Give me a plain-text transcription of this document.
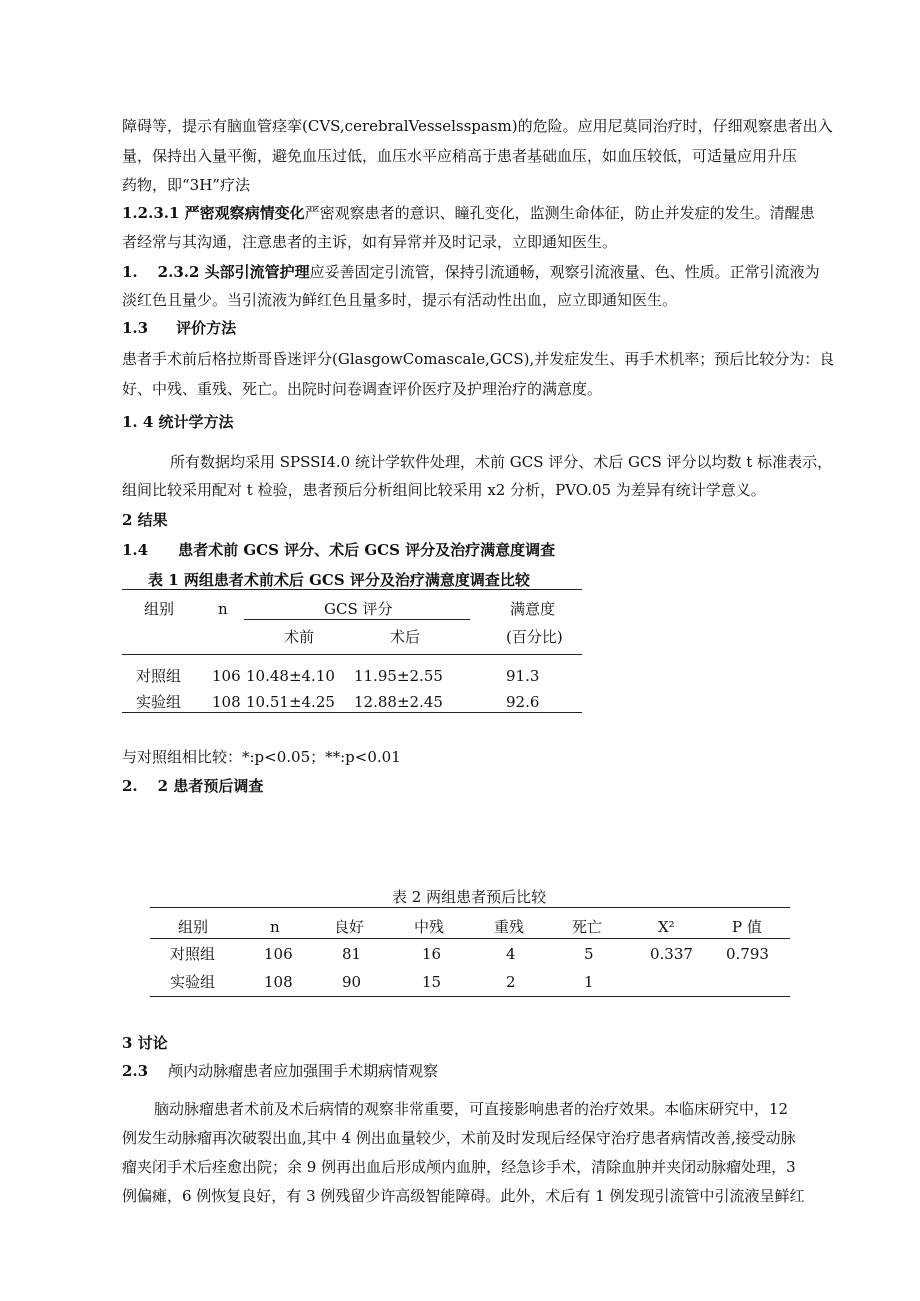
障碍等，提示有脑血管痉挛(CVS,cerebralVesselsspasm)的危险。应用尼莫同治疗时，仔细观察患者出入
量，保持出入量平衡，避免血压过低，血压水平应稍高于患者基础血压，如血压较低，可适量应用升压
药物，即“3H”疗法
1.2.3.1 严密观察病情变化严密观察患者的意识、瞳孔变化，监测生命体征，防止并发症的发生。清醒患
者经常与其沟通，注意患者的主诉，如有异常并及时记录，立即通知医生。
1. 2.3.2 头部引流管护理应妥善固定引流管，保持引流通畅，观察引流液量、色、性质。正常引流液为
淡红色且量少。当引流液为鲜红色且量多时，提示有活动性出血，应立即通知医生。
1.3 评价方法
患者手术前后格拉斯哥昏迷评分(GlasgowComascale,GCS),并发症发生、再手术机率；预后比较分为：良
好、中残、重残、死亡。出院时问卷调查评价医疗及护理治疗的满意度。
1. 4 统计学方法
所有数据均采用 SPSSI4.0 统计学软件处理，术前 GCS 评分、术后 GCS 评分以均数 t 标准表示，
组间比较采用配对 t 检验，患者预后分析组间比较采用 x2 分析，PVO.05 为差异有统计学意义。
2 结果
1.4 患者术前 GCS 评分、术后 GCS 评分及治疗满意度调查
表 1 两组患者术前术后 GCS 评分及治疗满意度调查比较
组别	n	GCS 评分	满意度
术前	术后	(百分比)
对照组 106 10.48±4.10 11.95±2.55	91.3
实验组 108 10.51±4.25 12.88±2.45	92.6
与对照组相比较：*:p<0.05；**:p<0.01
2. 2 患者预后调查
表 2 两组患者预后比较
组别	n	良好	中残	重残	死亡	X²	P 值
对照组	106	81	16	4	5	0.337 0.793
实验组	108	90	15	2	1
3 讨论
2.3 颅内动脉瘤患者应加强围手术期病情观察
脑动脉瘤患者术前及术后病情的观察非常重要，可直接影响患者的治疗效果。本临床研究中，12
例发生动脉瘤再次破裂出血,其中 4 例出血量较少，术前及时发现后经保守治疗患者病情改善,接受动脉
瘤夹闭手术后痊愈出院；余 9 例再出血后形成颅内血肿，经急诊手术，清除血肿并夹闭动脉瘤处理，3
例偏瘫，6 例恢复良好，有 3 例残留少许高级智能障碍。此外，术后有 1 例发现引流管中引流液呈鲜红
